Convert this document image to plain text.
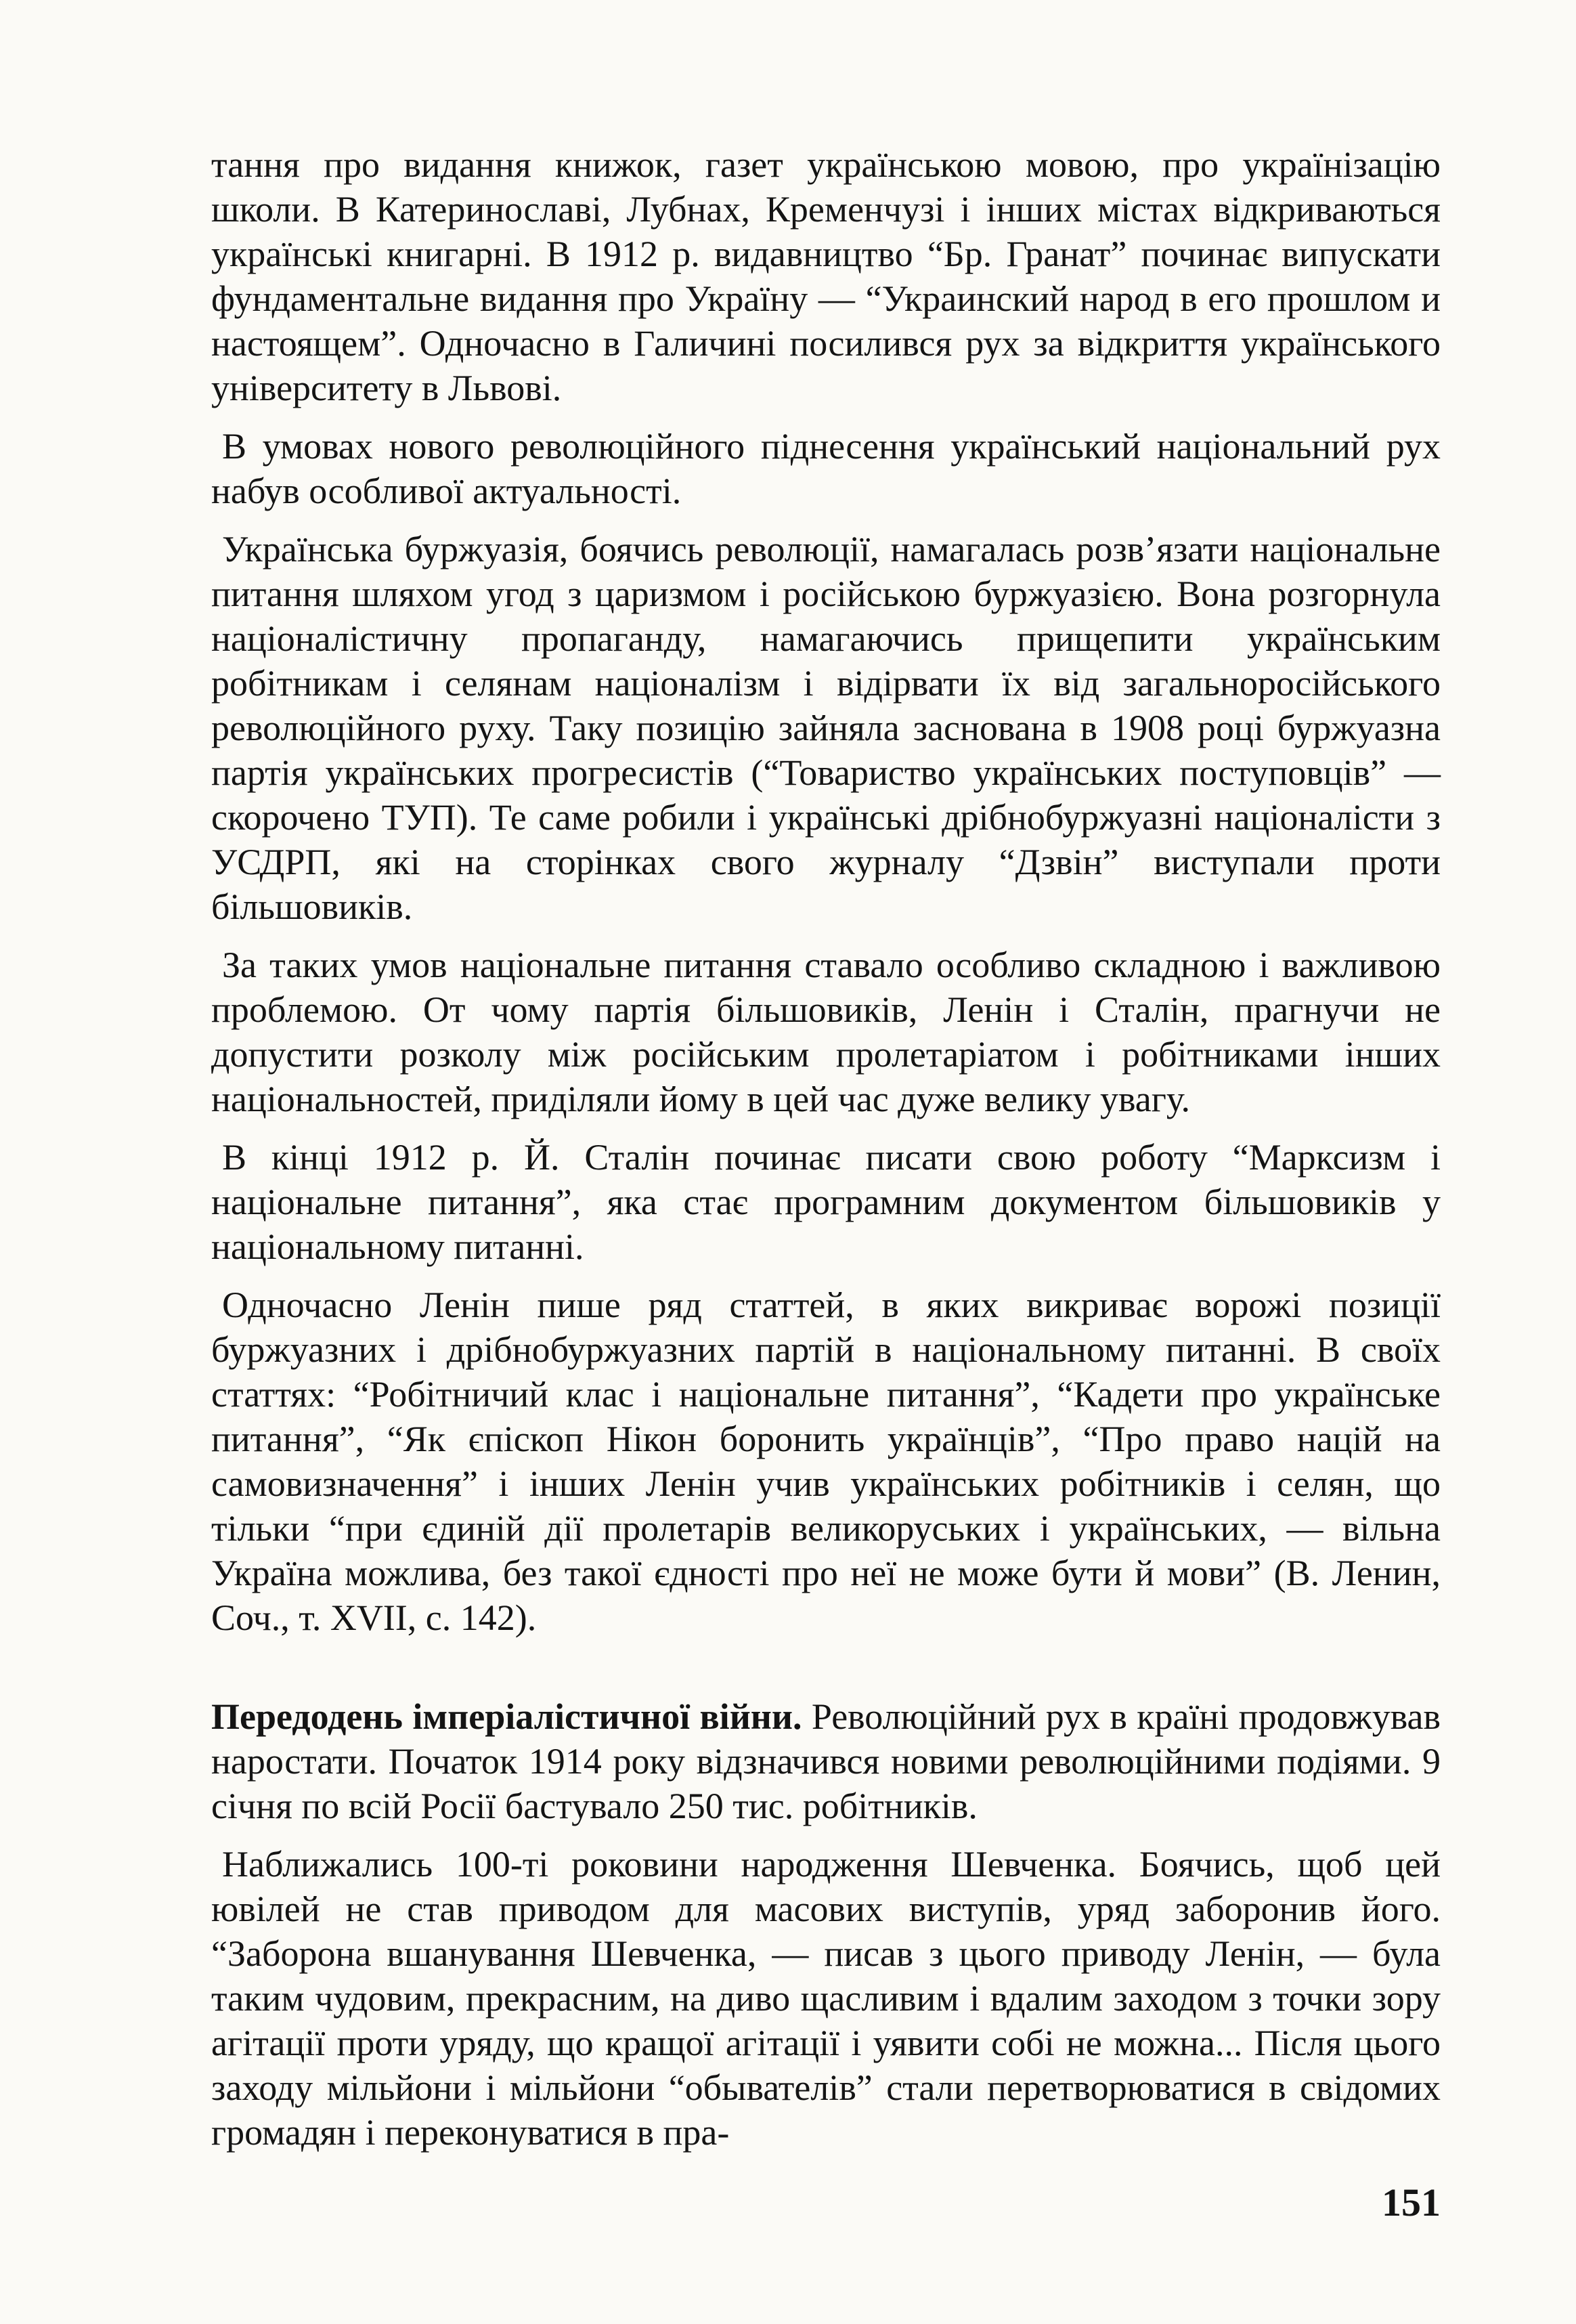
тання про видання книжок, газет українською мовою, про українізацію школи. В Катеринославі, Лубнах, Кременчузі і інших містах відкриваються українські книгарні. В 1912 р. видавництво “Бр. Гранат” починає випускати фундаментальне видання про Україну — “Украинский народ в его прошлом и настоящем”. Одночасно в Галичині посилився рух за відкриття українського університету в Львові.

В умовах нового революційного піднесення український національний рух набув особливої актуальності.

Українська буржуазія, боячись революції, намагалась розв’язати національне питання шляхом угод з царизмом і російською буржуазією. Вона розгорнула націоналістичну пропаганду, намагаючись прищепити українським робітникам і селянам націоналізм і відірвати їх від загальноросійського революційного руху. Таку позицію зайняла заснована в 1908 році буржуазна партія українських прогресистів (“Товариство українських поступовців” — скорочено ТУП). Те саме робили і українські дрібнобуржуазні націоналісти з УСДРП, які на сторінках свого журналу “Дзвін” виступали проти більшовиків.

За таких умов національне питання ставало особливо складною і важливою проблемою. От чому партія більшовиків, Ленін і Сталін, прагнучи не допустити розколу між російським пролетаріатом і робітниками інших національностей, приділяли йому в цей час дуже велику увагу.

В кінці 1912 р. Й. Сталін починає писати свою роботу “Марксизм і національне питання”, яка стає програмним документом більшовиків у національному питанні.

Одночасно Ленін пише ряд статтей, в яких викриває ворожі позиції буржуазних і дрібнобуржуазних партій в національному питанні. В своїх статтях: “Робітничий клас і національне питання”, “Кадети про українське питання”, “Як єпіскоп Нікон боронить українців”, “Про право націй на самовизначення” і інших Ленін учив українських робітників і селян, що тільки “при єдиній дії пролетарів великоруських і українських, — вільна Україна можлива, без такої єдності про неї не може бути й мови” (В. Ленин, Соч., т. XVII, с. 142).

Передодень імперіалістичної війни. Революційний рух в країні продовжував наростати. Початок 1914 року відзначився новими революційними подіями. 9 січня по всій Росії бастувало 250 тис. робітників.

Наближались 100-ті роковини народження Шевченка. Боячись, щоб цей ювілей не став приводом для масових виступів, уряд заборонив його. “Заборона вшанування Шевченка, — писав з цього приводу Ленін, — була таким чудовим, прекрасним, на диво щасливим і вдалим заходом з точки зору агітації проти уряду, що кращої агітації і уявити собі не можна... Після цього заходу мільйони і мільйони “обывателів” стали перетворюватися в свідомих громадян і переконуватися в пра-

151
